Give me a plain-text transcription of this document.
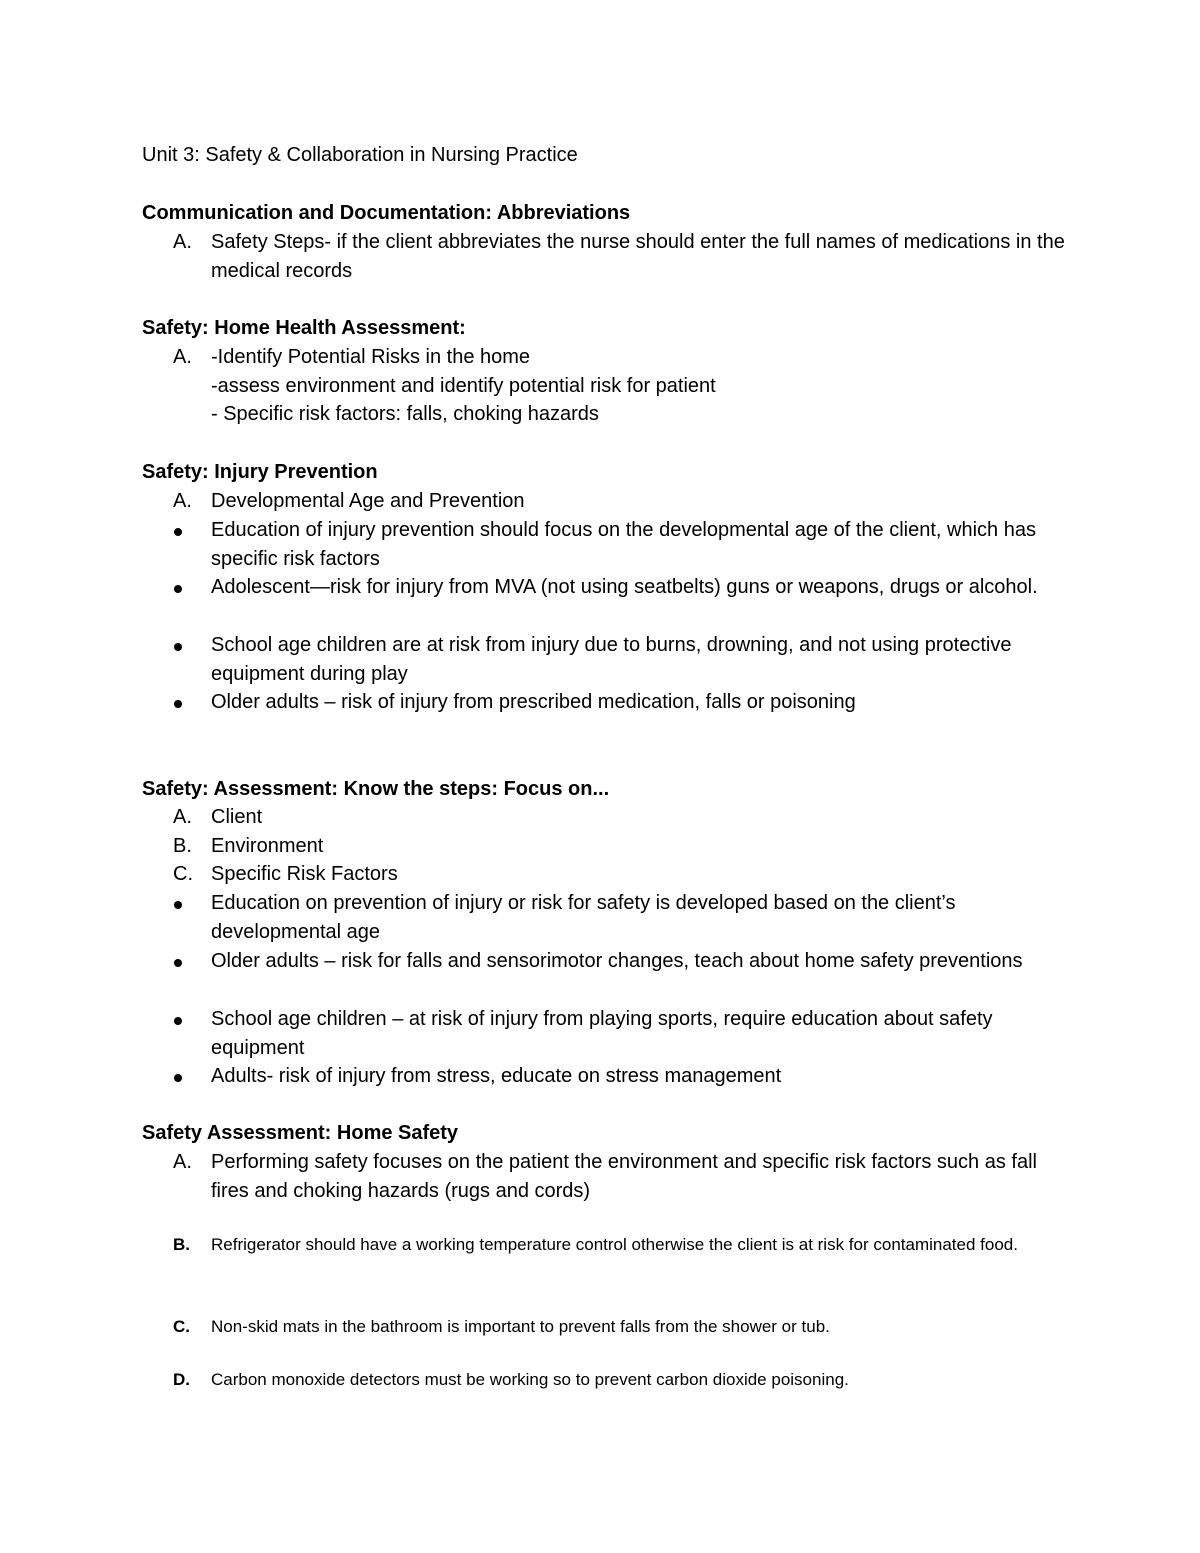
Unit 3: Safety & Collaboration in Nursing Practice
Communication and Documentation: Abbreviations
A. Safety Steps- if the client abbreviates the nurse should enter the full names of medications in the medical records
Safety: Home Health Assessment:
A. -Identify Potential Risks in the home
-assess environment and identify potential risk for patient
- Specific risk factors: falls, choking hazards
Safety: Injury Prevention
A. Developmental Age and Prevention
Education of injury prevention should focus on the developmental age of the client, which has specific risk factors
Adolescent—risk for injury from MVA (not using seatbelts) guns or weapons, drugs or alcohol.
School age children are at risk from injury due to burns, drowning, and not using protective equipment during play
Older adults – risk of injury from prescribed medication, falls or poisoning
Safety: Assessment: Know the steps: Focus on...
A. Client
B. Environment
C. Specific Risk Factors
Education on prevention of injury or risk for safety is developed based on the client’s developmental age
Older adults – risk for falls and sensorimotor changes, teach about home safety preventions
School age children – at risk of injury from playing sports, require education about safety equipment
Adults- risk of injury from stress, educate on stress management
Safety Assessment: Home Safety
A. Performing safety focuses on the patient the environment and specific risk factors such as fall fires and choking hazards (rugs and cords)
B.	Refrigerator should have a working temperature control otherwise the client is at risk for contaminated food.
C.	Non-skid mats in the bathroom is important to prevent falls from the shower or tub.
D.	Carbon monoxide detectors must be working so to prevent carbon dioxide poisoning.
